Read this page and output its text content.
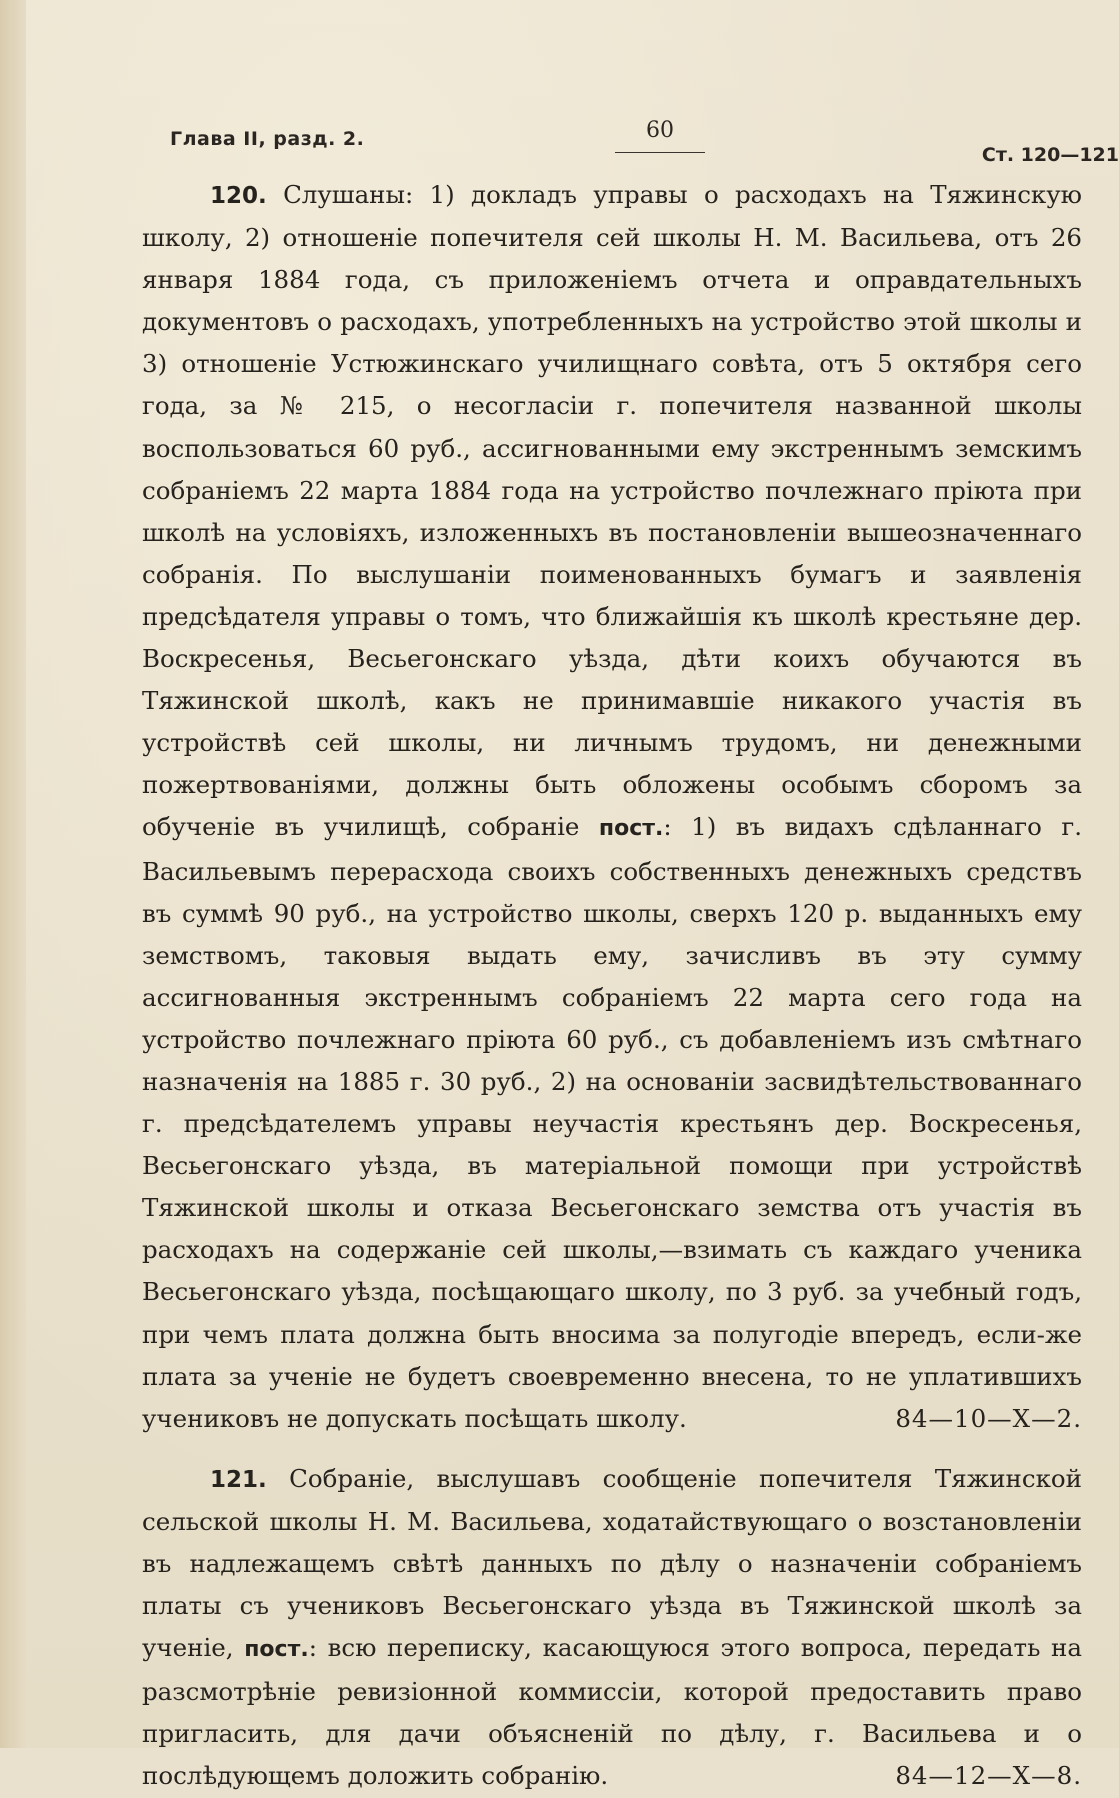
Глава II, разд. 2.	60
Ст. 120—121

120. Слушаны: 1) докладъ управы о расходахъ на Тяжинскую школу, 2) отношеніе попечителя сей школы Н. М. Васильева, отъ 26 января 1884 года, съ приложеніемъ отчета и оправдательныхъ документовъ о расходахъ, употребленныхъ на устройство этой школы и 3) отношеніе Устюжинскаго училищнаго совѣта, отъ 5 октября сего года, за № 215, о несогласіи г. попечителя названной школы воспользоваться 60 руб., ассигнованными ему экстреннымъ земскимъ собраніемъ 22 марта 1884 года на устройство почлежнаго пріюта при школѣ на условіяхъ, изложенныхъ въ постановленіи вышеозначеннаго собранія. По выслушаніи поименованныхъ бумагъ и заявленія предсѣдателя управы о томъ, что ближайшія къ школѣ крестьяне дер. Воскресенья, Весьегонскаго уѣзда, дѣти коихъ обучаются въ Тяжинской школѣ, какъ не принимавшіе никакого участія въ устройствѣ сей школы, ни личнымъ трудомъ, ни денежными пожертвованіями, должны быть обложены особымъ сборомъ за обученіе въ училищѣ, собраніе пост.: 1) въ видахъ сдѣланнаго г. Васильевымъ перерасхода своихъ собственныхъ денежныхъ средствъ въ суммѣ 90 руб., на устройство школы, сверхъ 120 р. выданныхъ ему земствомъ, таковыя выдать ему, зачисливъ въ эту сумму ассигнованныя экстреннымъ собраніемъ 22 марта сего года на устройство почлежнаго пріюта 60 руб., съ добавленіемъ изъ смѣтнаго назначенія на 1885 г. 30 руб., 2) на основаніи засвидѣтельствованнаго г. предсѣдателемъ управы неучастія крестьянъ дер. Воскресенья, Весьегонскаго уѣзда, въ матеріальной помощи при устройствѣ Тяжинской школы и отказа Весьегонскаго земства отъ участія въ расходахъ на содержаніе сей школы,—взимать съ каждаго ученика Весьегонскаго уѣзда, посѣщающаго школу, по 3 руб. за учебный годъ, при чемъ плата должна быть вносима за полугодіе впередъ, если-же плата за ученіе не будетъ своевременно внесена, то не уплатившихъ учениковъ не допускать посѣщать школу.	84—10—X—2.

121. Собраніе, выслушавъ сообщеніе попечителя Тяжинской сельской школы Н. М. Васильева, ходатайствующаго о возстановленіи въ надлежащемъ свѣтѣ данныхъ по дѣлу о назначеніи собраніемъ платы съ учениковъ Весьегонскаго уѣзда въ Тяжинской школѣ за ученіе, пост.: всю переписку, касающуюся этого вопроса, передать на разсмотрѣніе ревизіонной коммиссіи, которой предоставить право пригласить, для дачи объясненій по дѣлу, г. Васильева и о послѣдующемъ доложить собранію.	84—12—X—8.
